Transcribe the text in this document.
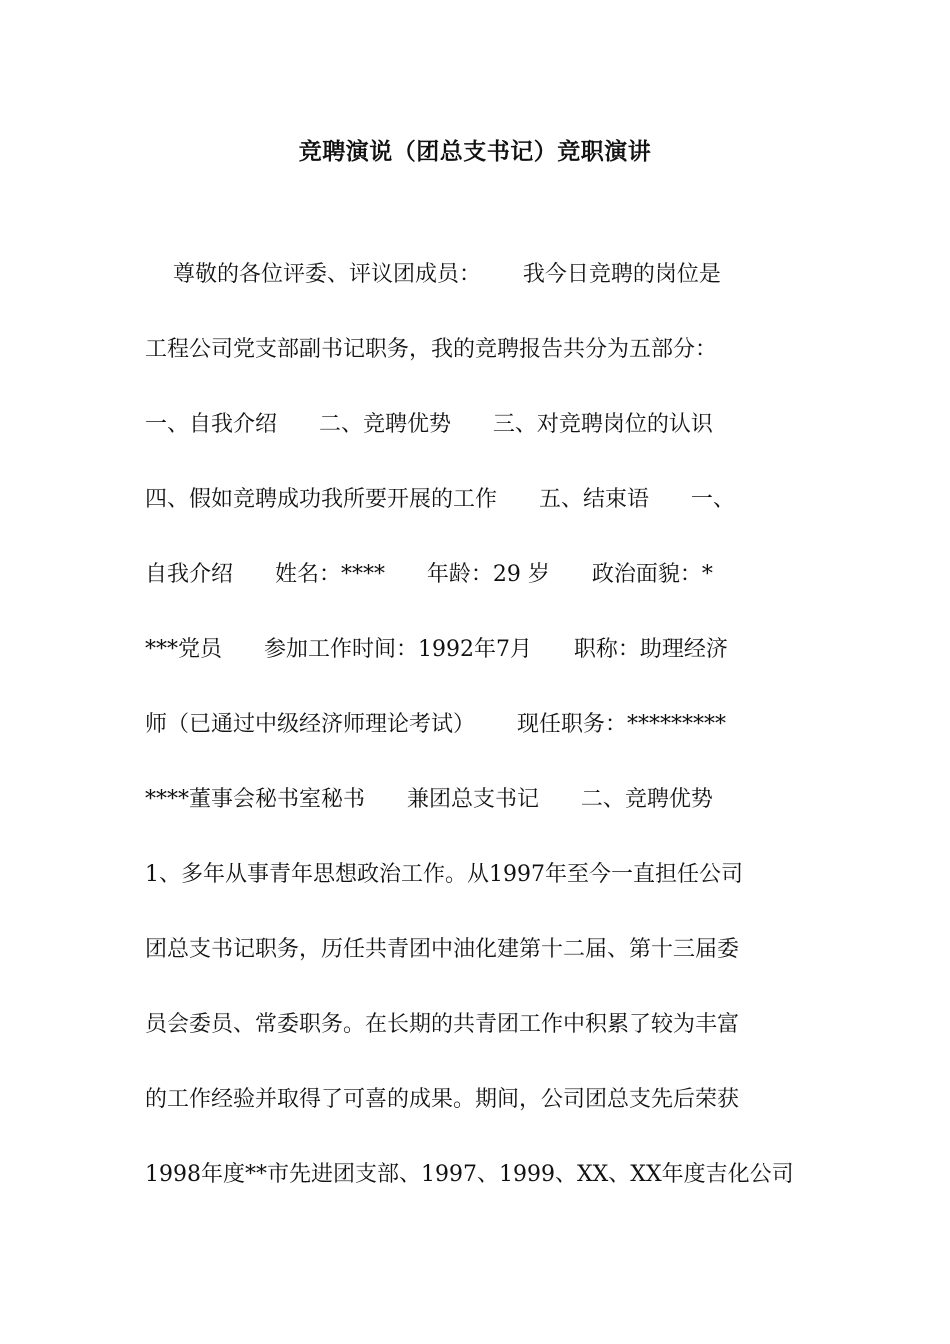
竞聘演说（团总支书记）竞职演讲
尊敬的各位评委、评议团成员：      我今日竞聘的岗位是
工程公司党支部副书记职务，我的竞聘报告共分为五部分：
一、自我介绍      二、竞聘优势      三、对竞聘岗位的认识
四、假如竞聘成功我所要开展的工作      五、结束语      一、
自我介绍      姓名：****      年龄：29 岁      政治面貌：*
***党员      参加工作时间：1992年7月      职称：助理经济
师（已通过中级经济师理论考试）      现任职务：*********
****董事会秘书室秘书      兼团总支书记      二、竞聘优势
1、多年从事青年思想政治工作。从1997年至今一直担任公司
团总支书记职务，历任共青团中油化建第十二届、第十三届委
员会委员、常委职务。在长期的共青团工作中积累了较为丰富
的工作经验并取得了可喜的成果。期间，公司团总支先后荣获
1998年度**市先进团支部、1997、1999、XX、XX年度吉化公司
